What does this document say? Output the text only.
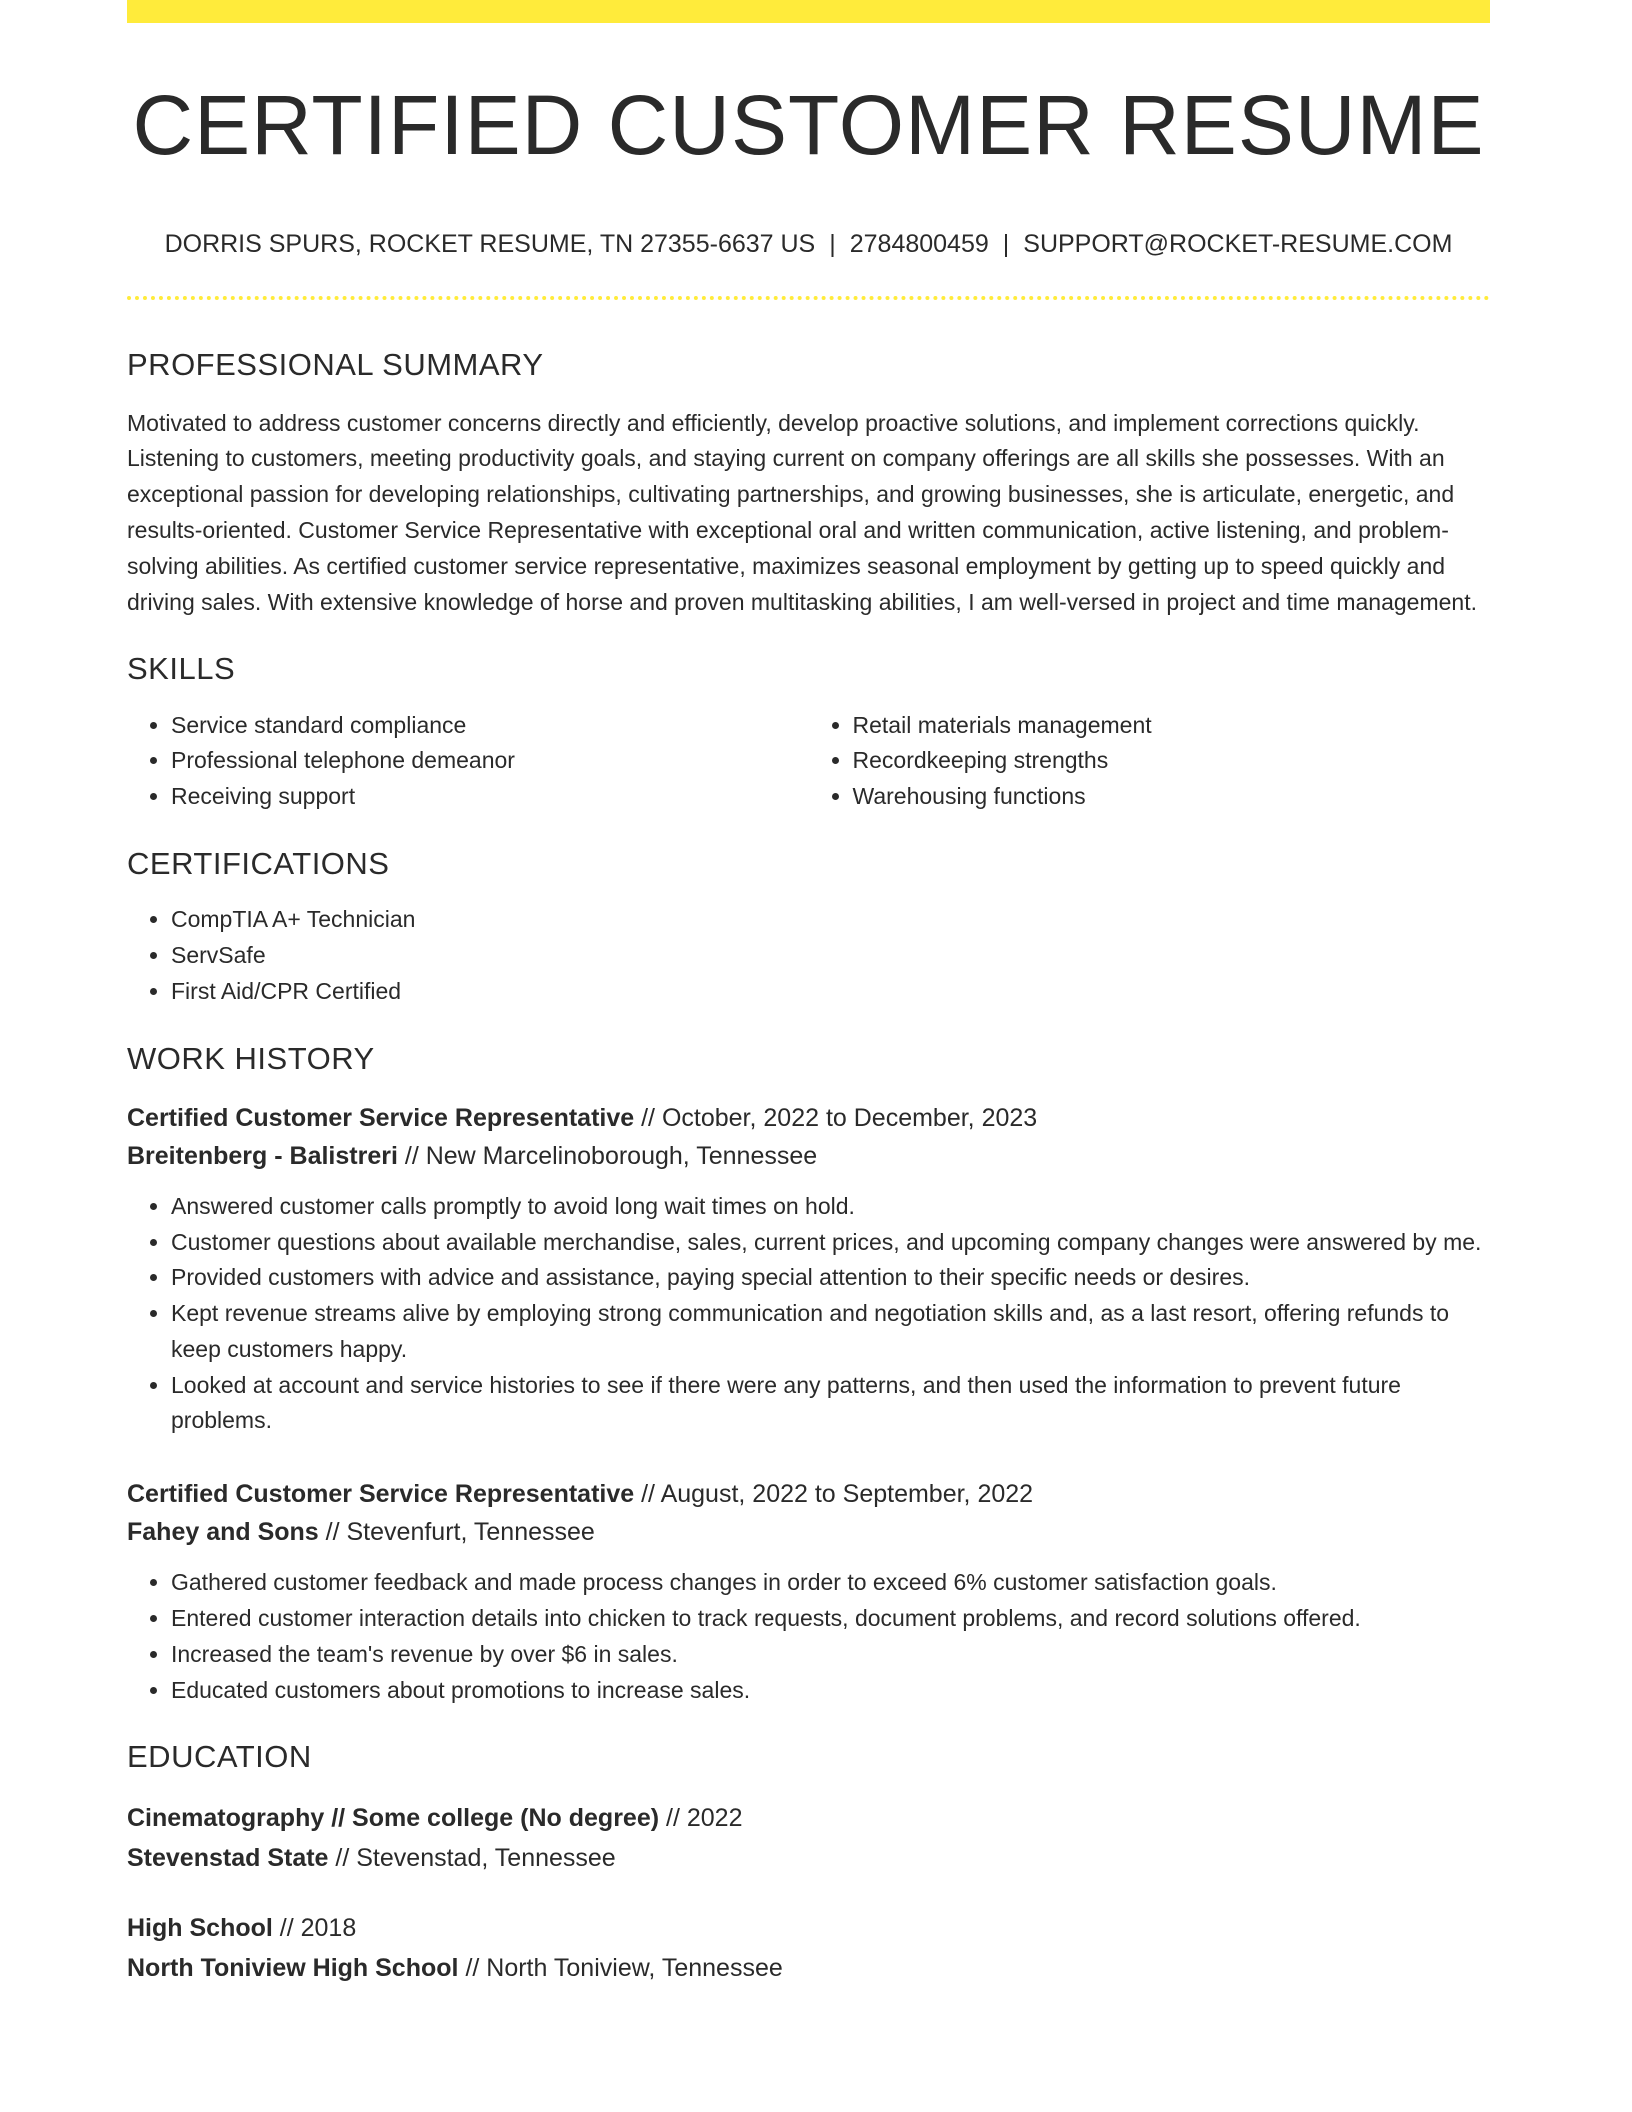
CERTIFIED CUSTOMER RESUME
DORRIS SPURS, ROCKET RESUME, TN 27355-6637 US | 2784800459 | SUPPORT@ROCKET-RESUME.COM
PROFESSIONAL SUMMARY

Motivated to address customer concerns directly and efficiently, develop proactive solutions, and implement corrections quickly. Listening to customers, meeting productivity goals, and staying current on company offerings are all skills she possesses. With an exceptional passion for developing relationships, cultivating partnerships, and growing businesses, she is articulate, energetic, and results-oriented. Customer Service Representative with exceptional oral and written communication, active listening, and problem-solving abilities. As certified customer service representative, maximizes seasonal employment by getting up to speed quickly and driving sales. With extensive knowledge of horse and proven multitasking abilities, I am well-versed in project and time management.

SKILLS
• Service standard compliance
• Professional telephone demeanor
• Receiving support
• Retail materials management
• Recordkeeping strengths
• Warehousing functions
CERTIFICATIONS
• CompTIA A+ Technician
• ServSafe
• First Aid/CPR Certified
WORK HISTORY
Certified Customer Service Representative // October, 2022 to December, 2023
Breitenberg - Balistreri // New Marcelinoborough, Tennessee
• Answered customer calls promptly to avoid long wait times on hold.
• Customer questions about available merchandise, sales, current prices, and upcoming company changes were answered by me.
• Provided customers with advice and assistance, paying special attention to their specific needs or desires.
• Kept revenue streams alive by employing strong communication and negotiation skills and, as a last resort, offering refunds to keep customers happy.
• Looked at account and service histories to see if there were any patterns, and then used the information to prevent future problems.
Certified Customer Service Representative // August, 2022 to September, 2022
Fahey and Sons // Stevenfurt, Tennessee
• Gathered customer feedback and made process changes in order to exceed 6% customer satisfaction goals.
• Entered customer interaction details into chicken to track requests, document problems, and record solutions offered.
• Increased the team's revenue by over $6 in sales.
• Educated customers about promotions to increase sales.
EDUCATION
Cinematography // Some college (No degree) // 2022
Stevenstad State // Stevenstad, Tennessee
High School // 2018
North Toniview High School // North Toniview, Tennessee
